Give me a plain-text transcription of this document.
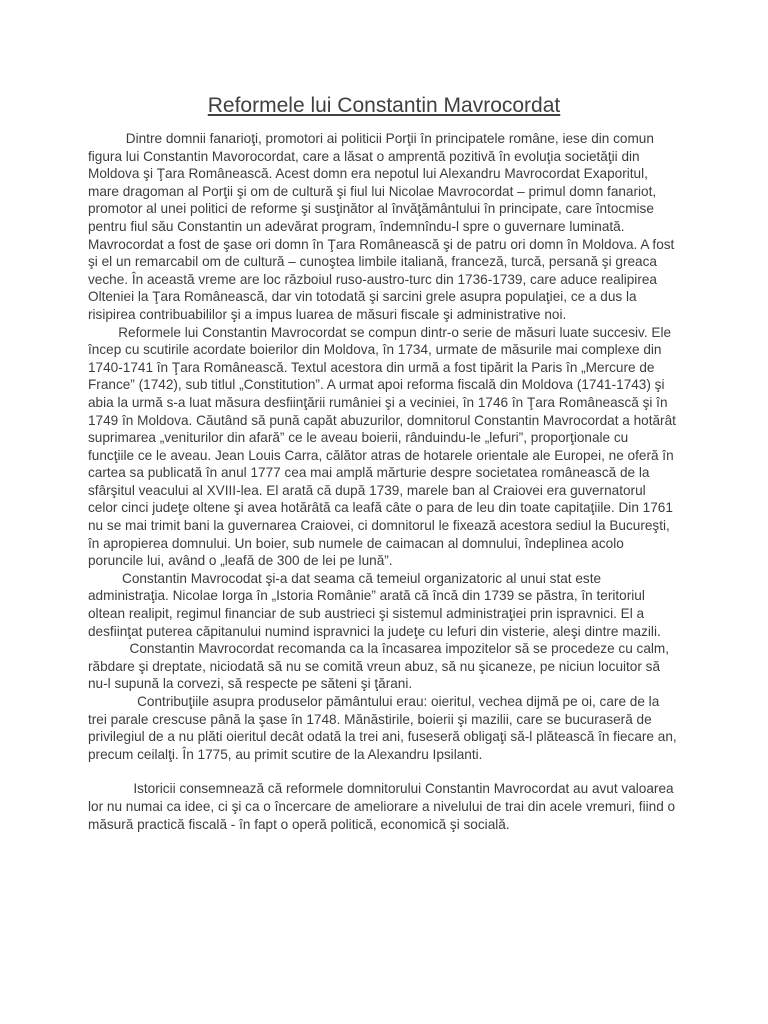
Reformele lui Constantin Mavrocordat

Dintre domnii fanarioţi, promotori ai politicii Porţii în principatele române, iese din comun figura lui Constantin Mavorocordat, care a lăsat o amprentă pozitivă în evoluţia societăţii din Moldova şi Ţara Românească. Acest domn era nepotul lui Alexandru Mavrocordat Exaporitul, mare dragoman al Porţii şi om de cultură şi fiul lui Nicolae Mavrocordat – primul domn fanariot, promotor al unei politici de reforme şi susţinător al învăţământului în principate, care întocmise pentru fiul său Constantin un adevărat program, îndemnîndu-l spre o guvernare luminată. Mavrocordat a fost de şase ori domn în Ţara Românească şi de patru ori domn în Moldova. A fost şi el un remarcabil om de cultură – cunoştea limbile italiană, franceză, turcă, persană şi greaca veche. În această vreme are loc războiul ruso-austro-turc din 1736-1739, care aduce realipirea Olteniei la Ţara Românească, dar vin totodată şi sarcini grele asupra populaţiei, ce a dus la risipirea contribuabililor şi a impus luarea de măsuri fiscale şi administrative noi.

Reformele lui Constantin Mavrocordat se compun dintr-o serie de măsuri luate succesiv. Ele încep cu scutirile acordate boierilor din Moldova, în 1734, urmate de măsurile mai complexe din 1740-1741 în Ţara Românească. Textul acestora din urmă a fost tipărit la Paris în „Mercure de France” (1742), sub titlul „Constitution”. A urmat apoi reforma fiscală din Moldova (1741-1743) şi abia la urmă s-a luat măsura desfiinţării rumâniei şi a veciniei, în 1746 în Ţara Românească şi în 1749 în Moldova. Căutând să pună capăt abuzurilor, domnitorul Constantin Mavrocordat a hotărât suprimarea „veniturilor din afară” ce le aveau boierii, rânduindu-le „lefuri”, proporţionale cu funcţiile ce le aveau. Jean Louis Carra, călător atras de hotarele orientale ale Europei, ne oferă în cartea sa publicată în anul 1777 cea mai amplă mărturie despre societatea românească de la sfârşitul veacului al XVIII-lea. El arată că după 1739, marele ban al Craiovei era guvernatorul celor cinci judeţe oltene şi avea hotărâtă ca leafă câte o para de leu din toate capitaţiile. Din 1761 nu se mai trimit bani la guvernarea Craiovei, ci domnitorul le fixează acestora sediul la Bucureşti, în apropierea domnului. Un boier, sub numele de caimacan al domnului, îndeplinea acolo poruncile lui, având o „leafă de 300 de lei pe lună”.

Constantin Mavrocodat şi-a dat seama că temeiul organizatoric al unui stat este administraţia. Nicolae Iorga în „Istoria Românie” arată că încă din 1739 se păstra, în teritoriul oltean realipit, regimul financiar de sub austrieci şi sistemul administraţiei prin ispravnici. El a desfiinţat puterea căpitanului numind ispravnici la judeţe cu lefuri din visterie, aleşi dintre mazili.

Constantin Mavrocordat recomanda ca la încasarea impozitelor să se procedeze cu calm, răbdare şi dreptate, niciodată să nu se comită vreun abuz, să nu şicaneze, pe niciun locuitor să nu-l supună la corvezi, să respecte pe săteni şi ţărani.

Contribuţiile asupra produselor pământului erau: oieritul, vechea dijmă pe oi, care de la trei parale crescuse până la şase în 1748. Mănăstirile, boierii şi mazilii, care se bucuraseră de privilegiul de a nu plăti oieritul decât odată la trei ani, fuseseră obligaţi să-l plătească în fiecare an, precum ceilalţi. În 1775, au primit scutire de la Alexandru Ipsilanti.

Istoricii consemnează că reformele domnitorului Constantin Mavrocordat au avut valoarea lor nu numai ca idee, ci şi ca o încercare de ameliorare a nivelului de trai din acele vremuri, fiind o măsură practică fiscală - în fapt o operă politică, economică şi socială.
